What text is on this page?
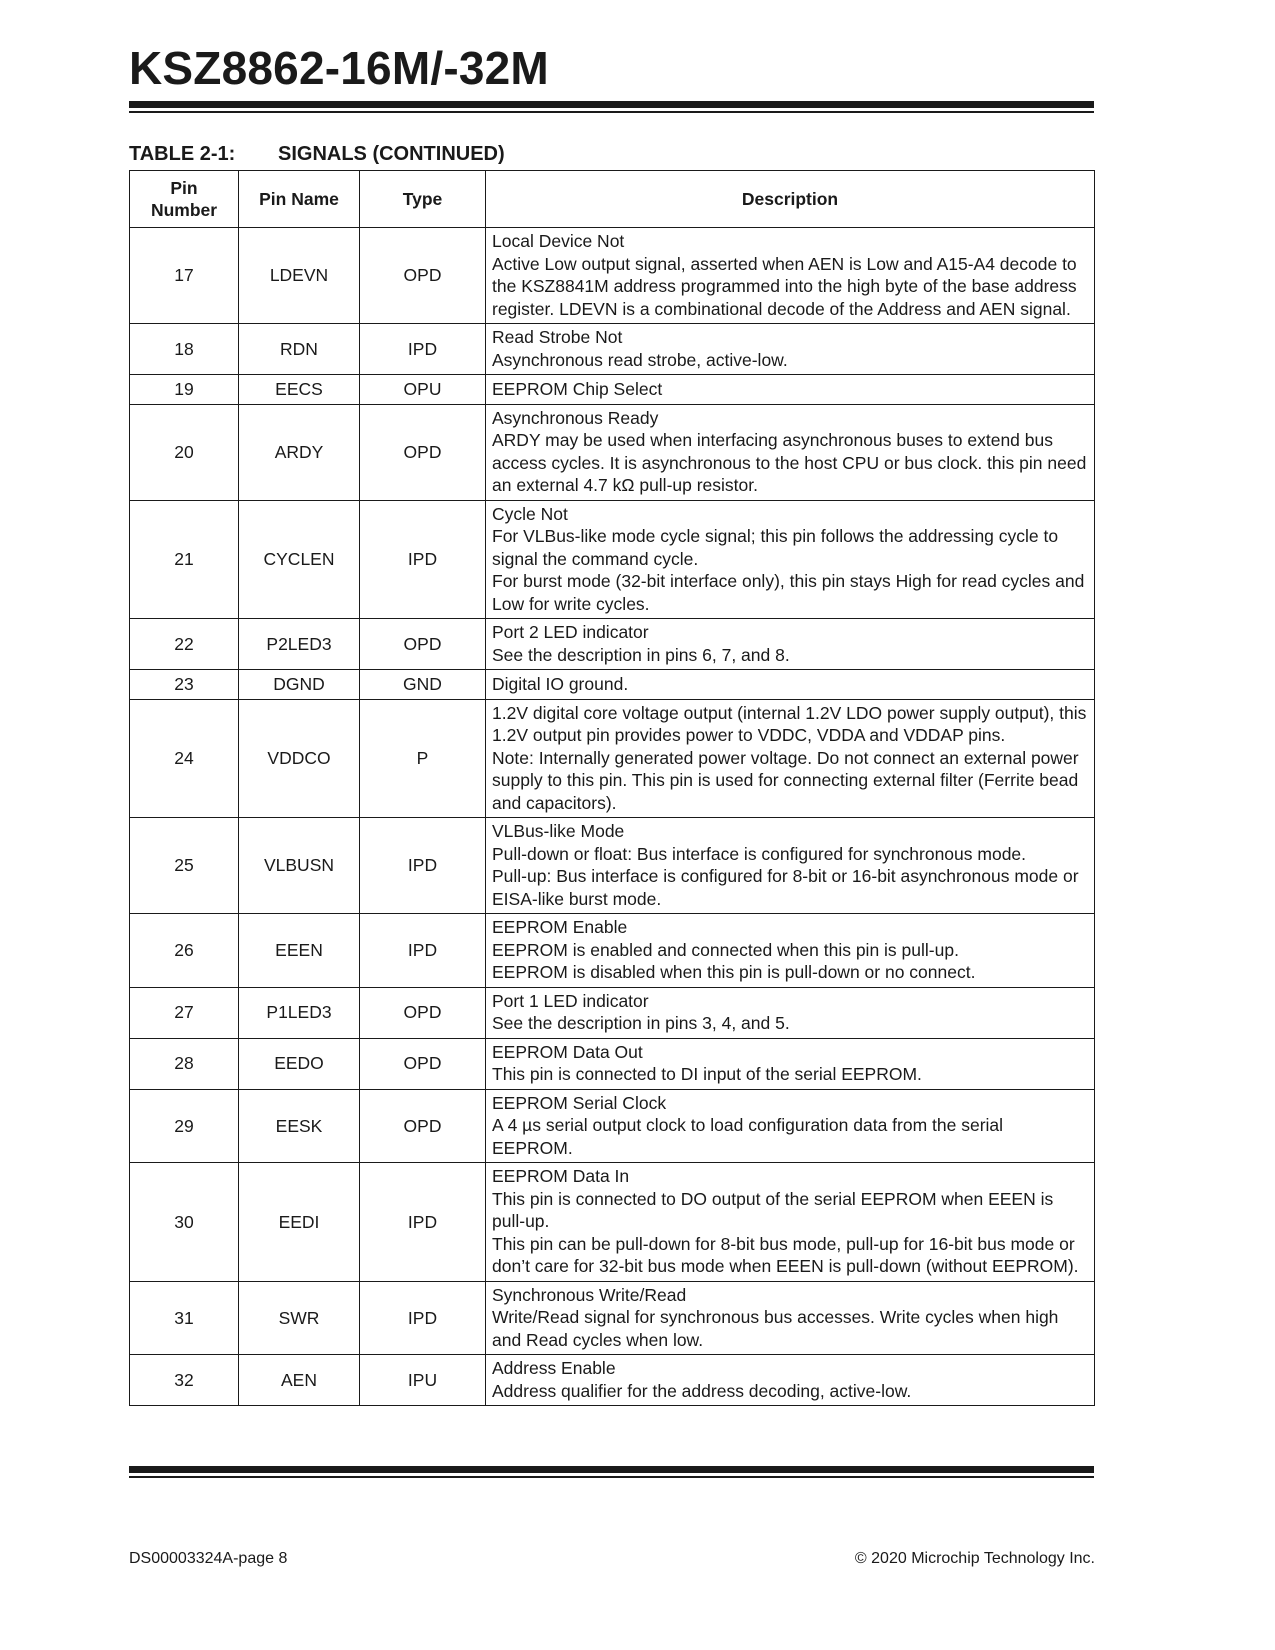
KSZ8862-16M/-32M
TABLE 2-1: SIGNALS (CONTINUED)
Pin Number	Pin Name	Type	Description
17	LDEVN	OPD	Local Device Not
Active Low output signal, asserted when AEN is Low and A15-A4 decode to the KSZ8841M address programmed into the high byte of the base address register. LDEVN is a combinational decode of the Address and AEN signal.

18	RDN	IPD	Read Strobe Not
Asynchronous read strobe, active-low.

19	EECS	OPU	EEPROM Chip Select

20	ARDY	OPD	Asynchronous Ready
ARDY may be used when interfacing asynchronous buses to extend bus access cycles. It is asynchronous to the host CPU or bus clock. this pin need an external 4.7 kΩ pull-up resistor.

21	CYCLEN	IPD	Cycle Not
For VLBus-like mode cycle signal; this pin follows the addressing cycle to signal the command cycle.
For burst mode (32-bit interface only), this pin stays High for read cycles and Low for write cycles.

22	P2LED3	OPD	Port 2 LED indicator
See the description in pins 6, 7, and 8.

23	DGND	GND	Digital IO ground.

24	VDDCO	P	1.2V digital core voltage output (internal 1.2V LDO power supply output), this 1.2V output pin provides power to VDDC, VDDA and VDDAP pins.
Note: Internally generated power voltage. Do not connect an external power supply to this pin. This pin is used for connecting external filter (Ferrite bead and capacitors).

25	VLBUSN	IPD	VLBus-like Mode
Pull-down or float: Bus interface is configured for synchronous mode.
Pull-up: Bus interface is configured for 8-bit or 16-bit asynchronous mode or EISA-like burst mode.

26	EEEN	IPD	EEPROM Enable
EEPROM is enabled and connected when this pin is pull-up.
EEPROM is disabled when this pin is pull-down or no connect.

27	P1LED3	OPD	Port 1 LED indicator
See the description in pins 3, 4, and 5.

28	EEDO	OPD	EEPROM Data Out
This pin is connected to DI input of the serial EEPROM.

29	EESK	OPD	EEPROM Serial Clock
A 4 µs serial output clock to load configuration data from the serial EEPROM.

30	EEDI	IPD	EEPROM Data In
This pin is connected to DO output of the serial EEPROM when EEEN is pull-up.
This pin can be pull-down for 8-bit bus mode, pull-up for 16-bit bus mode or don’t care for 32-bit bus mode when EEEN is pull-down (without EEPROM).

31	SWR	IPD	Synchronous Write/Read
Write/Read signal for synchronous bus accesses. Write cycles when high and Read cycles when low.

32	AEN	IPU	Address Enable
Address qualifier for the address decoding, active-low.
DS00003324A-page 8	© 2020 Microchip Technology Inc.
